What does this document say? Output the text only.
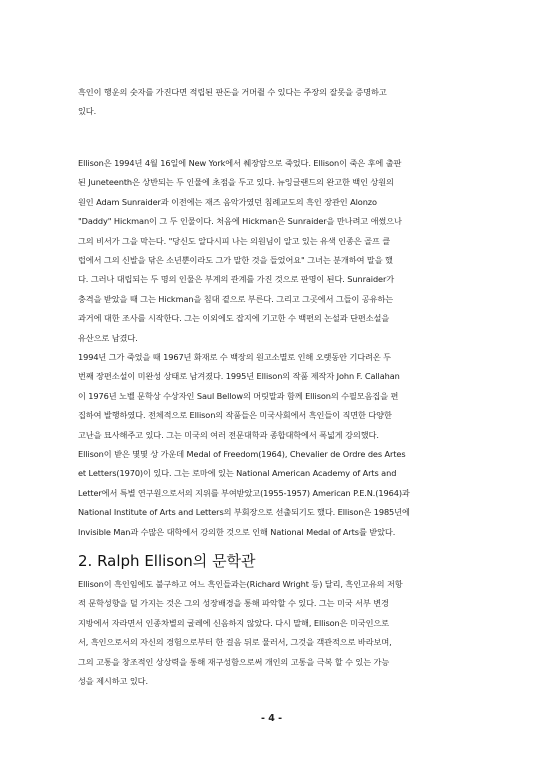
흑인이 행운의 숫자를 가진다면 적립된 판돈을 거머쥘 수 있다는 주장의 잘못을 증명하고
있다.
Ellison은 1994년 4월 16일에 New York에서 췌장암으로 죽었다. Ellison이 죽은 후에 출판
된 Juneteenth은 상반되는 두 인물에 초점을 두고 있다. 뉴잉글랜드의 완고한 백인 상원의
원인 Adam Sunraider과 이전에는 재즈 음악가였던 침례교도의 흑인 장관인 Alonzo
"Daddy" Hickman이 그 두 인물이다. 처음에 Hickman은 Sunraider을 만나려고 애썼으나
그의 비서가 그을 막는다. "당신도 알다시피 나는 의원님이 알고 있는 유색 인종은 골프 클
럽에서 그의 신발을 닦은 소년뿐이라도 그가 말한 것을 들었어요" 그녀는 분개하여 말을 했
다. 그러나 대립되는 두 명의 인물은 부계의 관계를 가진 것으로 판명이 된다. Sunraider가
충격을 받았을 때 그는 Hickman을 침대 곁으로 부른다. 그리고 그곳에서 그들이 공유하는
과거에 대한 조사를 시작한다. 그는 이외에도 잡지에 기고한 수 백편의 논설과 단편소설을
유산으로 남겼다.
1994년 그가 죽었을 때 1967년 화재로 수 백장의 원고소멸로 인해 오랫동안 기다려온 두
번째 장편소설이 미완성 상태로 남겨졌다. 1995년 Ellison의 작품 제작자 John F. Callahan
이 1976년 노벨 문학상 수상자인 Saul Bellow의 머릿말과 함께 Ellison의 수필모음집을 편
집하여 발행하였다. 전체적으로 Ellison의 작품들은 미국사회에서 흑인들이 직면한 다양한
고난을 묘사해주고 있다. 그는 미국의 여러 전문대학과 종합대학에서 폭넓게 강의했다.
Ellison이 받은 몇몇 상 가운데 Medal of Freedom(1964), Chevalier de Ordre des Artes
et Letters(1970)이 있다. 그는 로마에 있는 National American Academy of Arts and
Letter에서 특별 연구원으로서의 지위를 부여받았고(1955-1957) American P.E.N.(1964)과
National Institute of Arts and Letters의 부회장으로 선출되기도 했다. Ellison은 1985년에
Invisible Man과 수많은 대학에서 강의한 것으로 인해 National Medal of Arts를 받았다.
2. Ralph Ellison의 문학관
Ellison이 흑인임에도 불구하고 여느 흑인들과는(Richard Wright 등) 달리, 흑인고유의 저항
적 문학성향을 덜 가지는 것은 그의 성장배경을 통해 파악할 수 있다. 그는 미국 서부 변경
지방에서 자라면서 인종차별의 굴레에 신음하지 않았다. 다시 말해, Ellison은 미국인으로
서, 흑인으로서의 자신의 경험으로부터 한 걸음 뒤로 물러서, 그것을 객관적으로 바라보며,
그의 고통을 창조적인 상상력을 통해 재구성함으로써 개인의 고통을 극복 할 수 있는 가능
성을 제시하고 있다.
- 4 -
